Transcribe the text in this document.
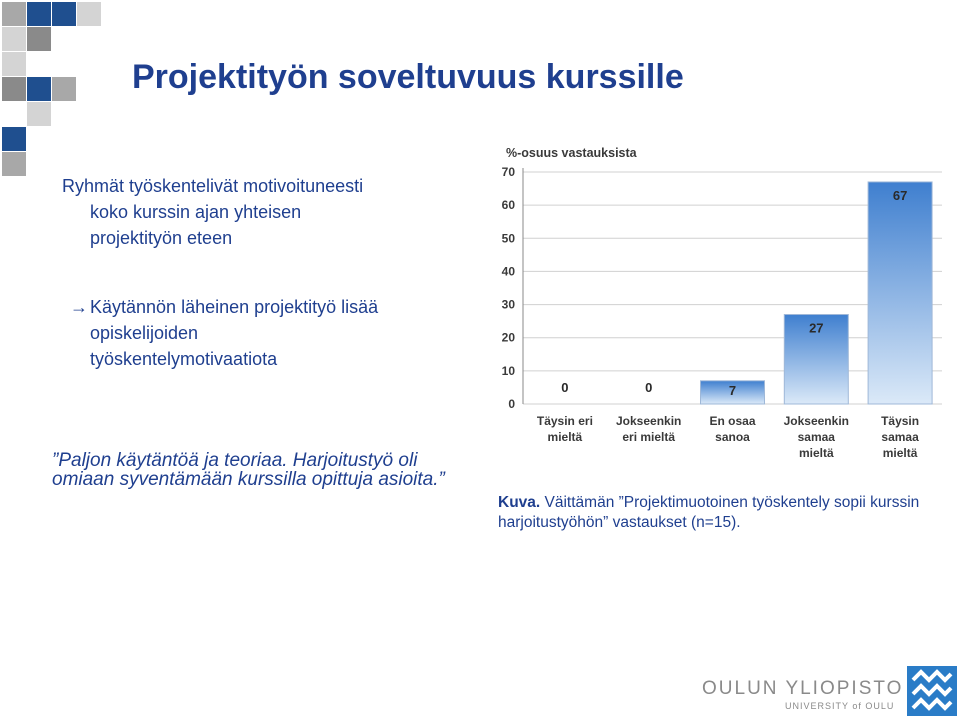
Projektityön soveltuvuus kurssille
Ryhmät työskentelivät motivoituneesti
koko kurssin ajan yhteisen
projektityön eteen
→ Käytännön läheinen projektityö lisää
opiskelijoiden
työskentelymotivaatiota
”Paljon käytäntöä ja teoriaa. Harjoitustyö oli omiaan syventämään kurssilla opittuja asioita.”
%-osuus vastauksista
0
10
20
30
40
50
60
70
0
Täysin eri
mieltä
0
Jokseenkin
eri mieltä
7
En osaa
sanoa
27
Jokseenkin
samaa
mieltä
67
Täysin
samaa
mieltä
Kuva. Väittämän ”Projektimuotoinen työskentely sopii kurssin harjoitustyöhön” vastaukset (n=15).
OULUN YLIOPISTO
UNIVERSITY of OULU
